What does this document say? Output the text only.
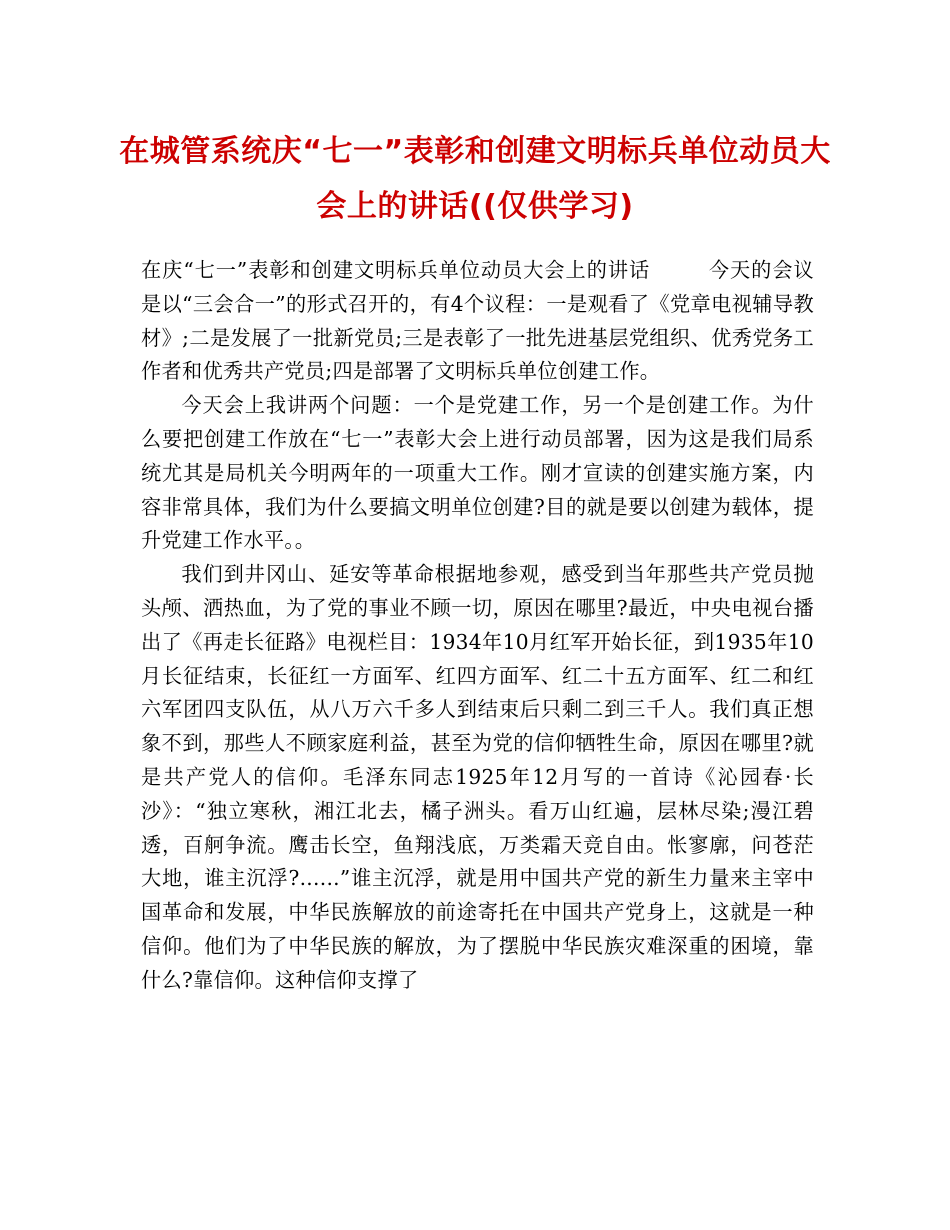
在城管系统庆“七一”表彰和创建文明标兵单位动员大会上的讲话((仅供学习)

在庆“七一”表彰和创建文明标兵单位动员大会上的讲话	今天的会议是以“三会合一”的形式召开的，有4个议程：一是观看了《党章电视辅导教材》;二是发展了一批新党员;三是表彰了一批先进基层党组织、优秀党务工作者和优秀共产党员;四是部署了文明标兵单位创建工作。

今天会上我讲两个问题：一个是党建工作，另一个是创建工作。为什么要把创建工作放在“七一”表彰大会上进行动员部署，因为这是我们局系统尤其是局机关今明两年的一项重大工作。刚才宣读的创建实施方案，内容非常具体，我们为什么要搞文明单位创建?目的就是要以创建为载体，提升党建工作水平。。

我们到井冈山、延安等革命根据地参观，感受到当年那些共产党员抛头颅、洒热血，为了党的事业不顾一切，原因在哪里?最近，中央电视台播出了《再走长征路》电视栏目：1934年10月红军开始长征，到1935年10月长征结束，长征红一方面军、红四方面军、红二十五方面军、红二和红六军团四支队伍，从八万六千多人到结束后只剩二到三千人。我们真正想象不到，那些人不顾家庭利益，甚至为党的信仰牺牲生命，原因在哪里?就是共产党人的信仰。毛泽东同志1925年12月写的一首诗《沁园春·长沙》：“独立寒秋，湘江北去，橘子洲头。看万山红遍，层林尽染;漫江碧透，百舸争流。鹰击长空，鱼翔浅底，万类霜天竞自由。怅寥廓，问苍茫大地，谁主沉浮?......”谁主沉浮，就是用中国共产党的新生力量来主宰中国革命和发展，中华民族解放的前途寄托在中国共产党身上，这就是一种信仰。他们为了中华民族的解放，为了摆脱中华民族灾难深重的困境，靠什么?靠信仰。这种信仰支撑了
